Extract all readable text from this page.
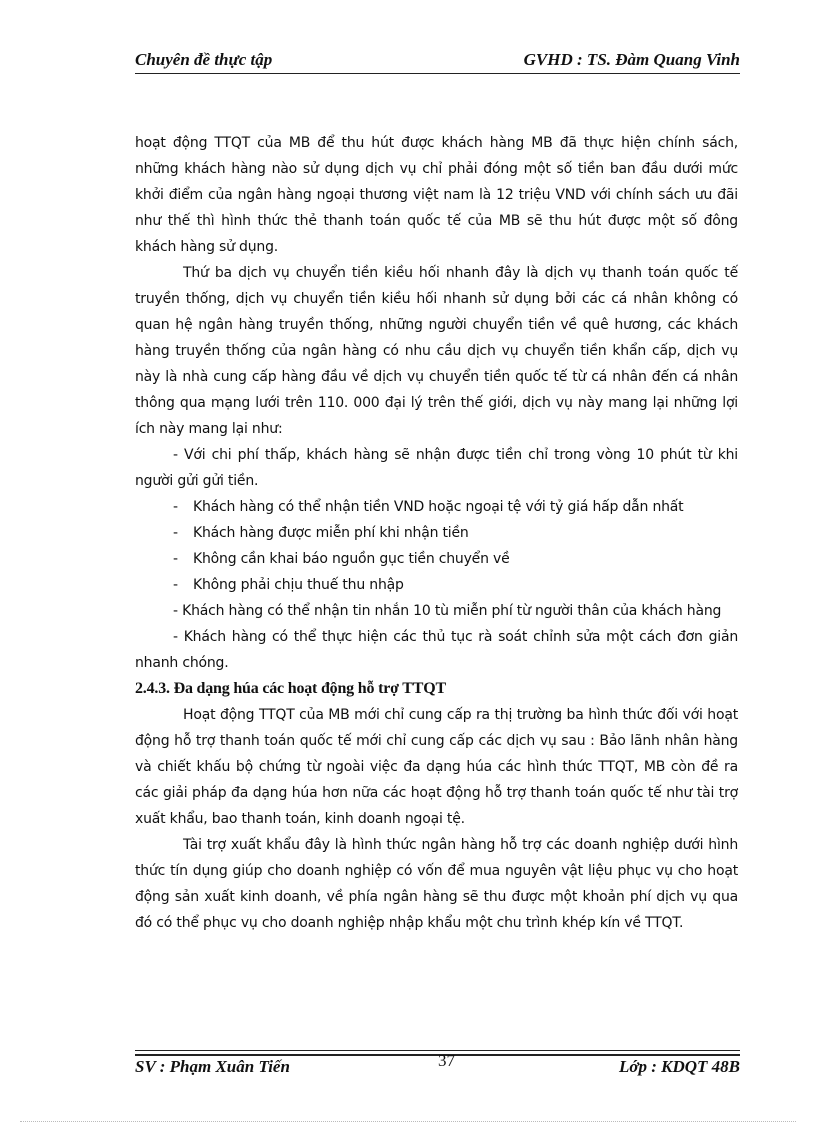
Chuyên đề thực tập	GVHD : TS. Đàm Quang Vinh

hoạt động TTQT của MB để thu hút được khách hàng MB đã thực hiện chính sách, những khách hàng nào sử dụng dịch vụ chỉ phải đóng một số tiền ban đầu dưới mức khởi điểm của ngân hàng ngoại thương việt nam là 12 triệu VND với chính sách ưu đãi như thế thì hình thức thẻ thanh toán quốc tế của MB sẽ thu hút được một số đông khách hàng sử dụng.

Thứ ba dịch vụ chuyển tiền kiều hối nhanh đây là dịch vụ thanh toán quốc tế truyền thống, dịch vụ chuyển tiền kiều hối nhanh sử dụng bởi các cá nhân không có quan hệ ngân hàng truyền thống, những người chuyển tiền về quê hương, các khách hàng truyền thống của ngân hàng có nhu cầu dịch vụ chuyển tiền khẩn cấp, dịch vụ này là nhà cung cấp hàng đầu về dịch vụ chuyển tiền quốc tế từ cá nhân đến cá nhân thông qua mạng lưới trên 110. 000 đại lý trên thế giới, dịch vụ này mang lại những lợi ích này mang lại như:

- Với chi phí thấp, khách hàng sẽ nhận được tiền chỉ trong vòng 10 phút từ khi người gửi gửi tiền.

- Khách hàng có thể nhận tiền VND hoặc ngoại tệ với tỷ giá hấp dẫn nhất

- Khách hàng được miễn phí khi nhận tiền

- Không cần khai báo nguồn gục tiền chuyển về

- Không phải chịu thuế thu nhập

- Khách hàng có thể nhận tin nhắn 10 tù miễn phí từ người thân của khách hàng

- Khách hàng có thể thực hiện các thủ tục rà soát chỉnh sửa một cách đơn giản nhanh chóng.

2.4.3. Đa dạng húa các hoạt động hỗ trợ TTQT

Hoạt động TTQT của MB mới chỉ cung cấp ra thị trường ba hình thức đối với hoạt động hỗ trợ thanh toán quốc tế mới chỉ cung cấp các dịch vụ sau : Bảo lãnh nhân hàng và chiết khấu bộ chứng từ ngoài việc đa dạng húa các hình thức TTQT, MB còn đề ra các giải pháp đa dạng húa hơn nữa các hoạt động hỗ trợ thanh toán quốc tế như tài trợ xuất khẩu, bao thanh toán, kinh doanh ngoại tệ.

Tài trợ xuất khẩu đây là hình thức ngân hàng hỗ trợ các doanh nghiệp dưới hình thức tín dụng giúp cho doanh nghiệp có vốn để mua nguyên vật liệu phục vụ cho hoạt động sản xuất kinh doanh, về phía ngân hàng sẽ thu được một khoản phí dịch vụ qua đó có thể phục vụ cho doanh nghiệp nhập khẩu một chu trình khép kín về TTQT.

SV : Phạm Xuân Tiến	37	Lớp : KDQT 48B
